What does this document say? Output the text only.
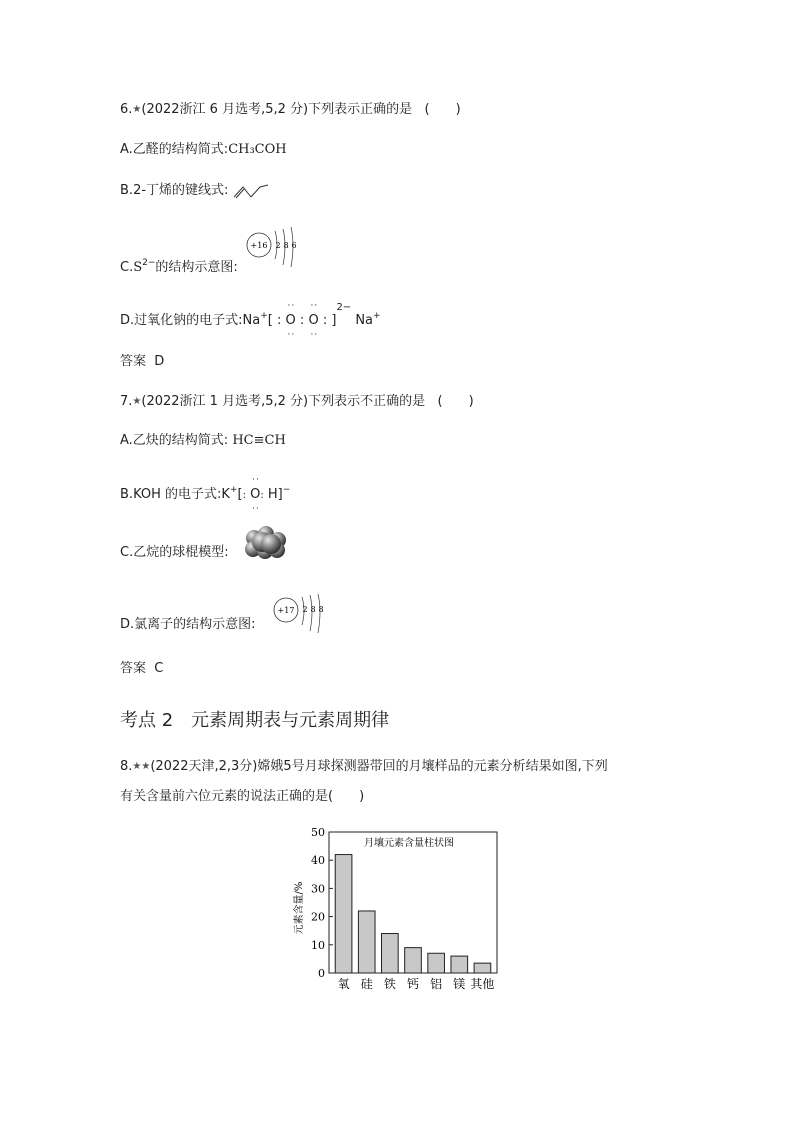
6.★(2022浙江 6 月选考,5,2 分)下列表示正确的是 (　　)
A.乙醛的结构简式:CH₃COH
B.2-丁烯的键线式:
+16 2 8 6
$C.S^{2-}$的结构示意图:
D.过氧化钠的电子式:Na+[ :
··
O
··
:
··
O
··
: ]$^{2-}$ Na+
答案 D
7.★(2022浙江 1 月选考,5,2 分)下列表示不正确的是 (　　)
A.乙炔的结构简式: HC≡CH
B.KOH 的电子式:K+[:
··
O
··
: H]−
C.乙烷的球棍模型:
+17 2 8 8
D.氯离子的结构示意图:
答案 C
考点 2　元素周期表与元素周期律
8.★★(2022天津,2,3分)嫦娥5号月球探测器带回的月壤样品的元素分析结果如图,下列
有关含量前六位元素的说法正确的是(　　)
月壤元素含量柱状图
元素含量/%
0
10
20
30
40
50
氧 硅 铁 钙 铝 镁 其他
